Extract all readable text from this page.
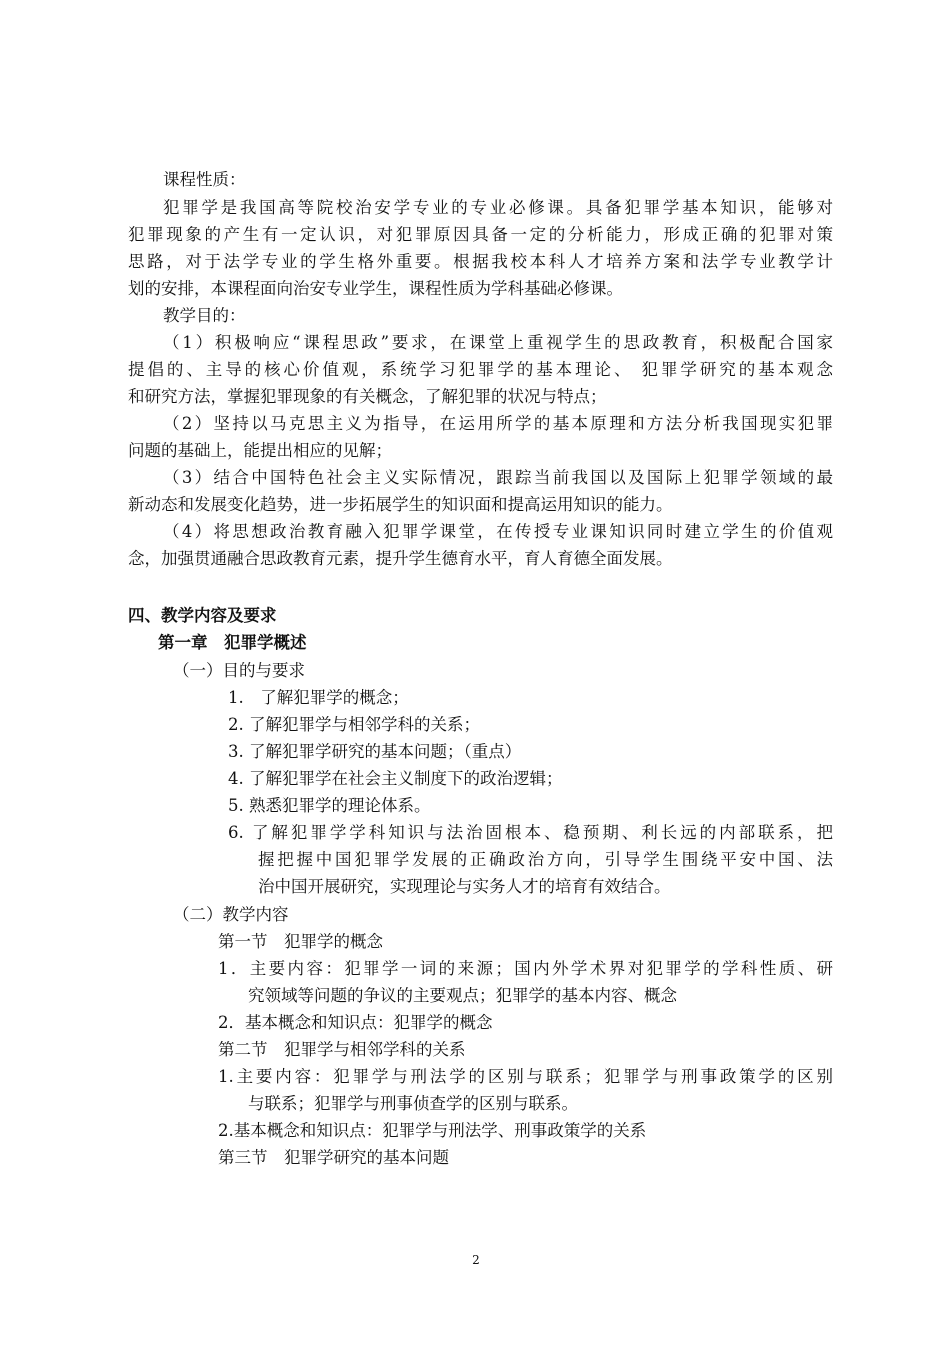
课程性质：
犯罪学是我国高等院校治安学专业的专业必修课。具备犯罪学基本知识，能够对
犯罪现象的产生有一定认识，对犯罪原因具备一定的分析能力，形成正确的犯罪对策
思路，对于法学专业的学生格外重要。根据我校本科人才培养方案和法学专业教学计
划的安排，本课程面向治安专业学生，课程性质为学科基础必修课。
教学目的：
（1）积极响应“课程思政”要求，在课堂上重视学生的思政教育，积极配合国家
提倡的、主导的核心价值观，系统学习犯罪学的基本理论、 犯罪学研究的基本观念
和研究方法，掌握犯罪现象的有关概念，了解犯罪的状况与特点；
（2）坚持以马克思主义为指导，在运用所学的基本原理和方法分析我国现实犯罪
问题的基础上，能提出相应的见解；
（3）结合中国特色社会主义实际情况，跟踪当前我国以及国际上犯罪学领域的最
新动态和发展变化趋势，进一步拓展学生的知识面和提高运用知识的能力。
（4）将思想政治教育融入犯罪学课堂，在传授专业课知识同时建立学生的价值观
念，加强贯通融合思政教育元素，提升学生德育水平，育人育德全面发展。
四、教学内容及要求
第一章　犯罪学概述
（一）目的与要求
1.　了解犯罪学的概念；
2. 了解犯罪学与相邻学科的关系；
3. 了解犯罪学研究的基本问题；（重点）
4. 了解犯罪学在社会主义制度下的政治逻辑；
5. 熟悉犯罪学的理论体系。
6. 了解犯罪学学科知识与法治固根本、稳预期、利长远的内部联系，把
握把握中国犯罪学发展的正确政治方向，引导学生围绕平安中国、法
治中国开展研究，实现理论与实务人才的培育有效结合。
（二）教学内容
第一节　犯罪学的概念
1．主要内容：犯罪学一词的来源；国内外学术界对犯罪学的学科性质、研
究领域等问题的争议的主要观点；犯罪学的基本内容、概念
2．基本概念和知识点：犯罪学的概念
第二节　犯罪学与相邻学科的关系
1.主要内容：犯罪学与刑法学的区别与联系；犯罪学与刑事政策学的区别
与联系；犯罪学与刑事侦查学的区别与联系。
2.基本概念和知识点：犯罪学与刑法学、刑事政策学的关系
第三节　犯罪学研究的基本问题
2
